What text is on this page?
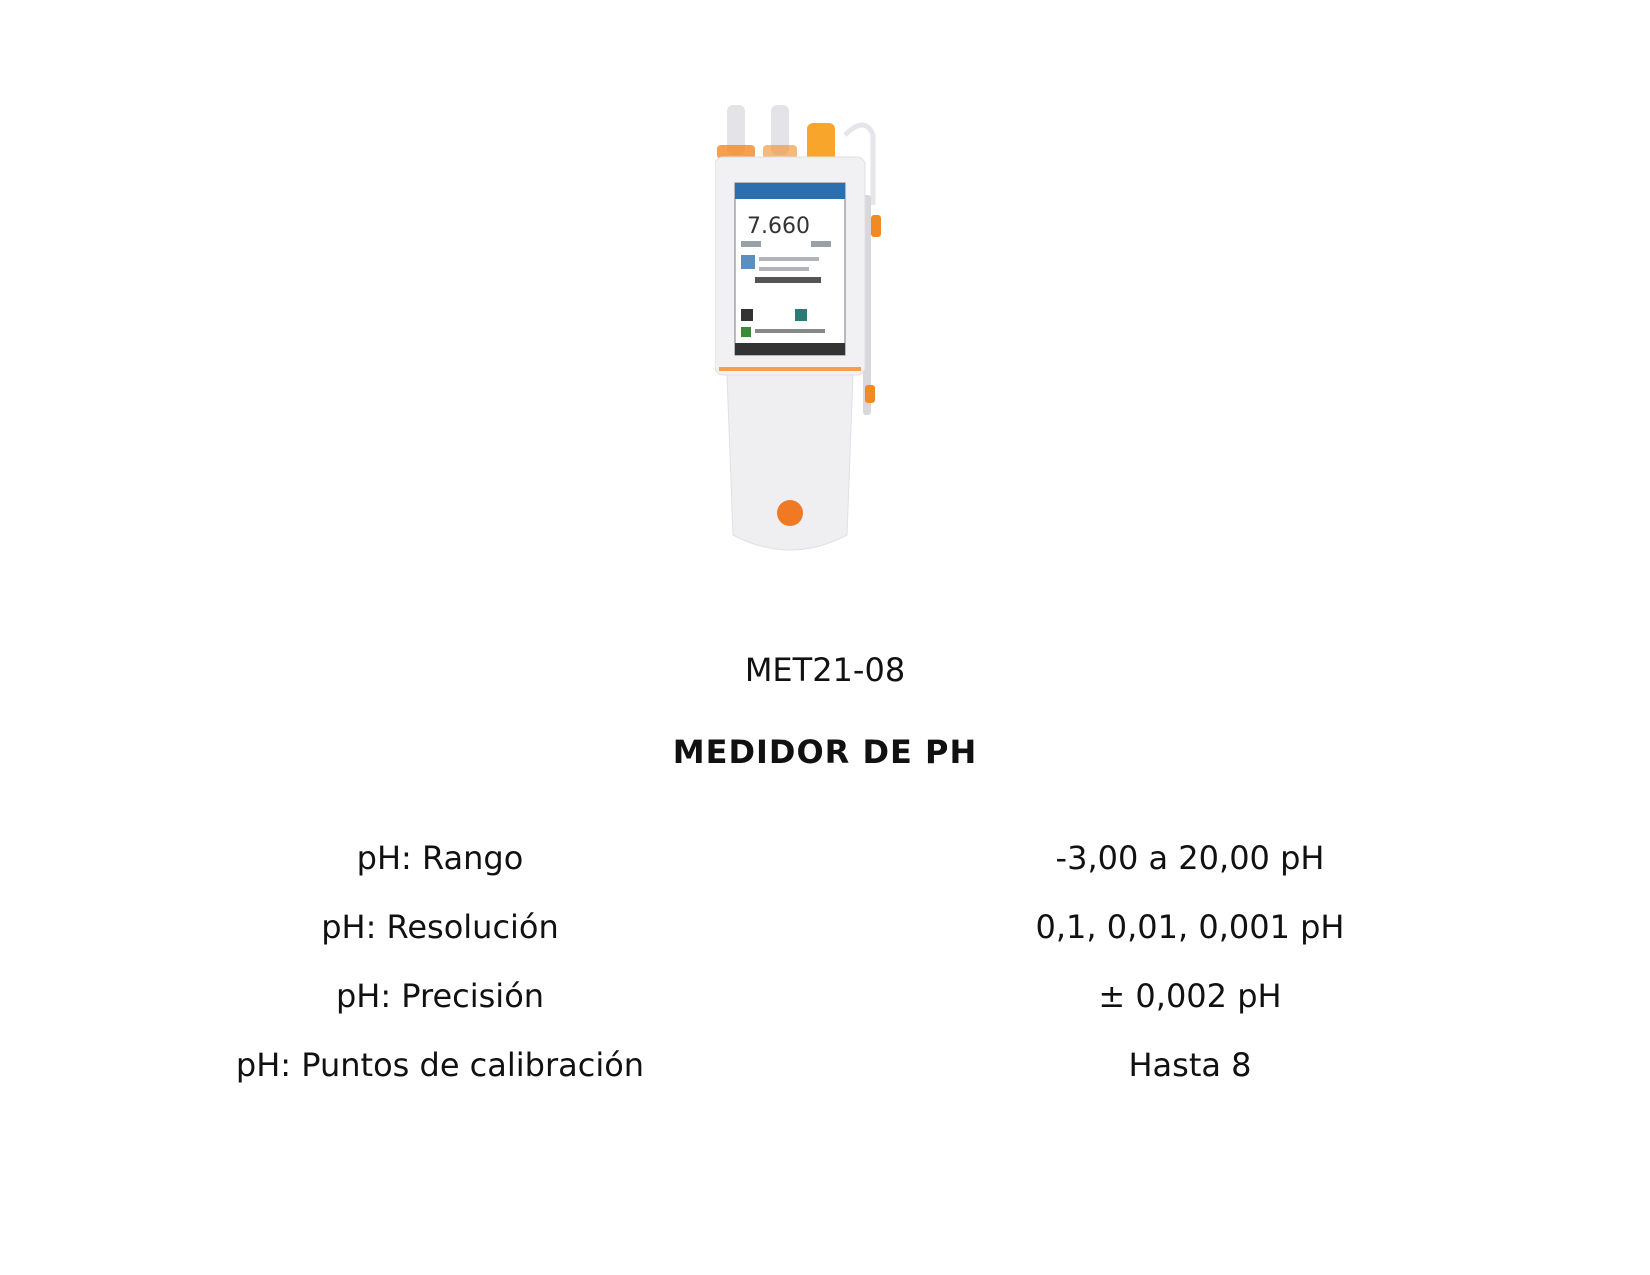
7.660
MET21-08
MEDIDOR DE PH
pH: Rango	-3,00 a 20,00 pH
pH: Resolución	0,1, 0,01, 0,001 pH
pH: Precisión	± 0,002 pH
pH: Puntos de calibración	Hasta 8
